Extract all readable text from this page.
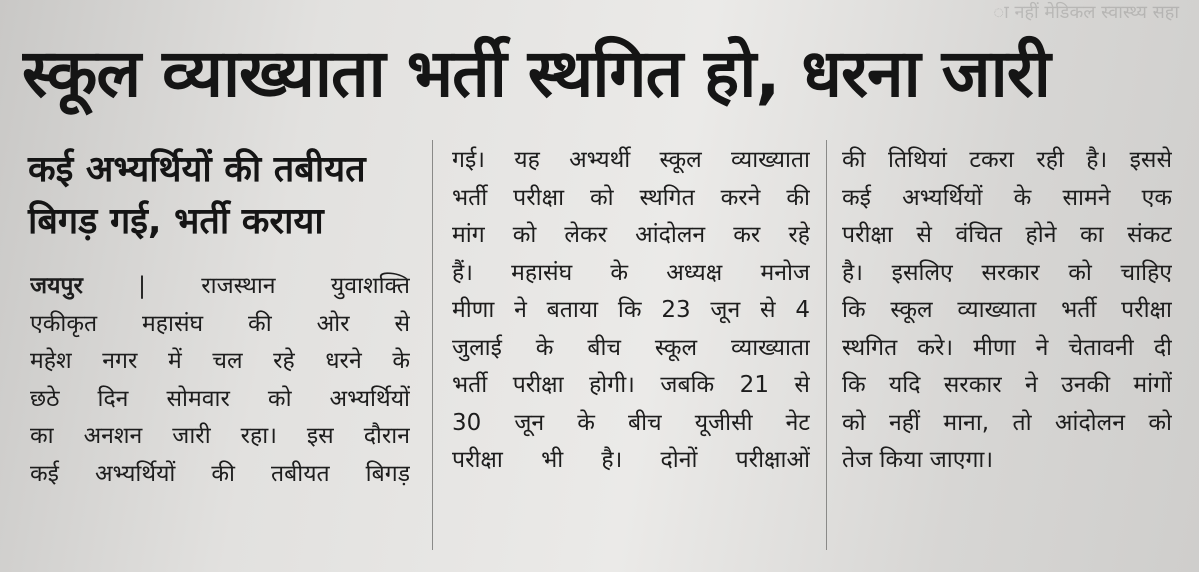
ा नहीं मेडिकल स्वास्थ्य सहा
स्कूल व्याख्याता भर्ती स्थगित हो, धरना जारी
कई अभ्यर्थियों की तबीयत
बिगड़ गई, भर्ती कराया
जयपुर | राजस्थान युवाशक्ति
एकीकृत महासंघ की ओर से
महेश नगर में चल रहे धरने के
छठे दिन सोमवार को अभ्यर्थियों
का अनशन जारी रहा। इस दौरान
कई अभ्यर्थियों की तबीयत बिगड़
गई। यह अभ्यर्थी स्कूल व्याख्याता
भर्ती परीक्षा को स्थगित करने की
मांग को लेकर आंदोलन कर रहे
हैं। महासंघ के अध्यक्ष मनोज
मीणा ने बताया कि 23 जून से 4
जुलाई के बीच स्कूल व्याख्याता
भर्ती परीक्षा होगी। जबकि 21 से
30 जून के बीच यूजीसी नेट
परीक्षा भी है। दोनों परीक्षाओं
की तिथियां टकरा रही है। इससे
कई अभ्यर्थियों के सामने एक
परीक्षा से वंचित होने का संकट
है। इसलिए सरकार को चाहिए
कि स्कूल व्याख्याता भर्ती परीक्षा
स्थगित करे। मीणा ने चेतावनी दी
कि यदि सरकार ने उनकी मांगों
को नहीं माना, तो आंदोलन को
तेज किया जाएगा।
